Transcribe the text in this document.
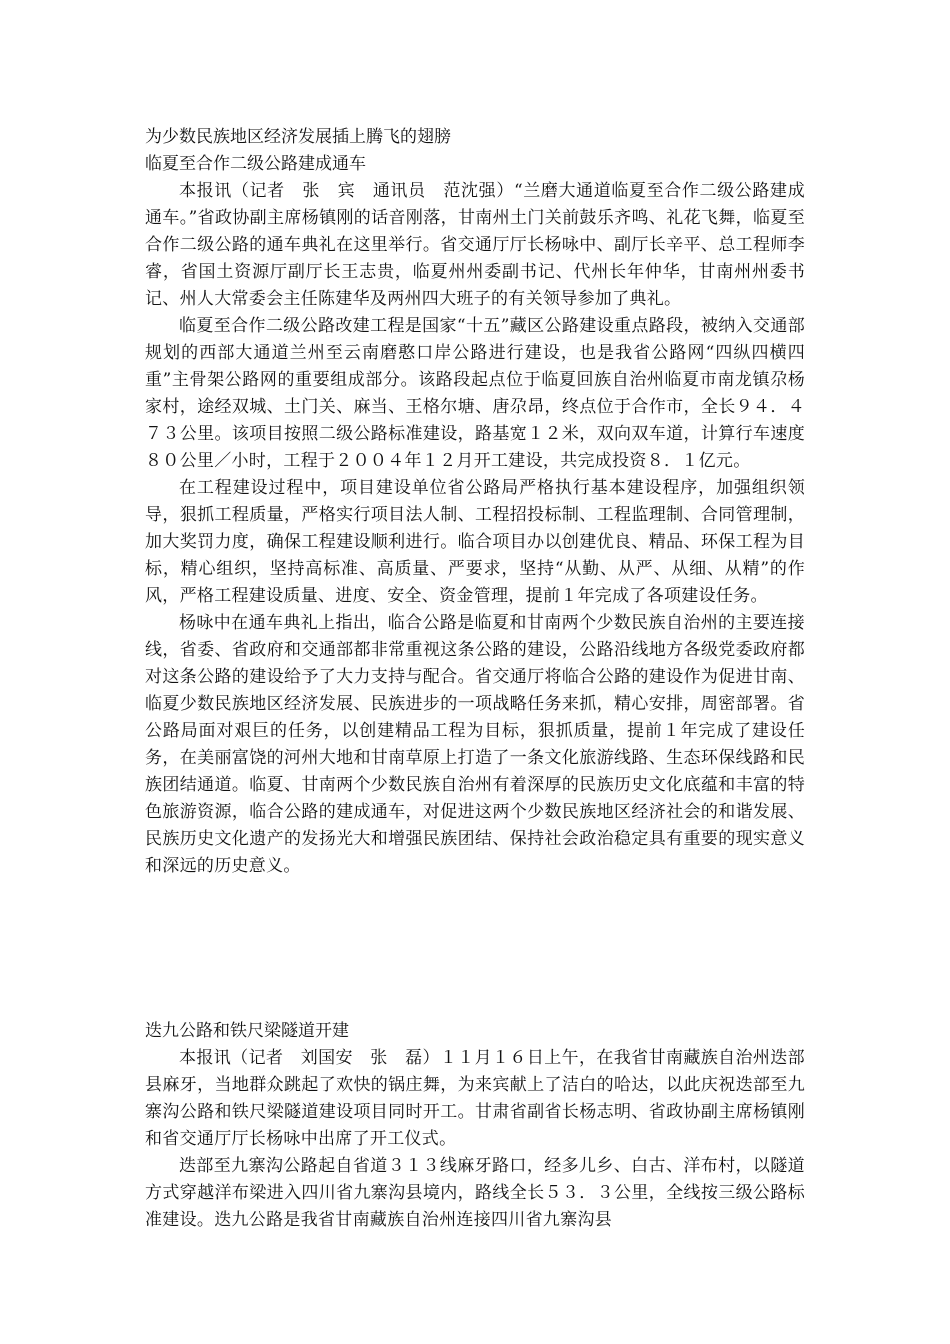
为少数民族地区经济发展插上腾飞的翅膀
临夏至合作二级公路建成通车

本报讯（记者　张　宾　通讯员　范沈强）“兰磨大通道临夏至合作二级公路建成通车。”省政协副主席杨镇刚的话音刚落，甘南州土门关前鼓乐齐鸣、礼花飞舞，临夏至合作二级公路的通车典礼在这里举行。省交通厅厅长杨咏中、副厅长辛平、总工程师李睿，省国土资源厅副厅长王志贵，临夏州州委副书记、代州长年仲华，甘南州州委书记、州人大常委会主任陈建华及两州四大班子的有关领导参加了典礼。

临夏至合作二级公路改建工程是国家“十五”藏区公路建设重点路段，被纳入交通部规划的西部大通道兰州至云南磨憨口岸公路进行建设，也是我省公路网“四纵四横四重”主骨架公路网的重要组成部分。该路段起点位于临夏回族自治州临夏市南龙镇尕杨家村，途经双城、土门关、麻当、王格尔塘、唐尕昂，终点位于合作市，全长９４．４７３公里。该项目按照二级公路标准建设，路基宽１２米，双向双车道，计算行车速度８０公里／小时，工程于２００４年１２月开工建设，共完成投资８．１亿元。

在工程建设过程中，项目建设单位省公路局严格执行基本建设程序，加强组织领导，狠抓工程质量，严格实行项目法人制、工程招投标制、工程监理制、合同管理制，加大奖罚力度，确保工程建设顺利进行。临合项目办以创建优良、精品、环保工程为目标，精心组织，坚持高标准、高质量、严要求，坚持“从勤、从严、从细、从精”的作风，严格工程建设质量、进度、安全、资金管理，提前１年完成了各项建设任务。

杨咏中在通车典礼上指出，临合公路是临夏和甘南两个少数民族自治州的主要连接线，省委、省政府和交通部都非常重视这条公路的建设，公路沿线地方各级党委政府都对这条公路的建设给予了大力支持与配合。省交通厅将临合公路的建设作为促进甘南、临夏少数民族地区经济发展、民族进步的一项战略任务来抓，精心安排，周密部署。省公路局面对艰巨的任务，以创建精品工程为目标，狠抓质量，提前１年完成了建设任务，在美丽富饶的河州大地和甘南草原上打造了一条文化旅游线路、生态环保线路和民族团结通道。临夏、甘南两个少数民族自治州有着深厚的民族历史文化底蕴和丰富的特色旅游资源，临合公路的建成通车，对促进这两个少数民族地区经济社会的和谐发展、民族历史文化遗产的发扬光大和增强民族团结、保持社会政治稳定具有重要的现实意义和深远的历史意义。

迭九公路和铁尺梁隧道开建

本报讯（记者　刘国安　张　磊）１１月１６日上午，在我省甘南藏族自治州迭部县麻牙，当地群众跳起了欢快的锅庄舞，为来宾献上了洁白的哈达，以此庆祝迭部至九寨沟公路和铁尺梁隧道建设项目同时开工。甘肃省副省长杨志明、省政协副主席杨镇刚和省交通厅厅长杨咏中出席了开工仪式。

迭部至九寨沟公路起自省道３１３线麻牙路口，经多儿乡、白古、洋布村，以隧道方式穿越洋布梁进入四川省九寨沟县境内，路线全长５３．３公里，全线按三级公路标准建设。迭九公路是我省甘南藏族自治州连接四川省九寨沟县
